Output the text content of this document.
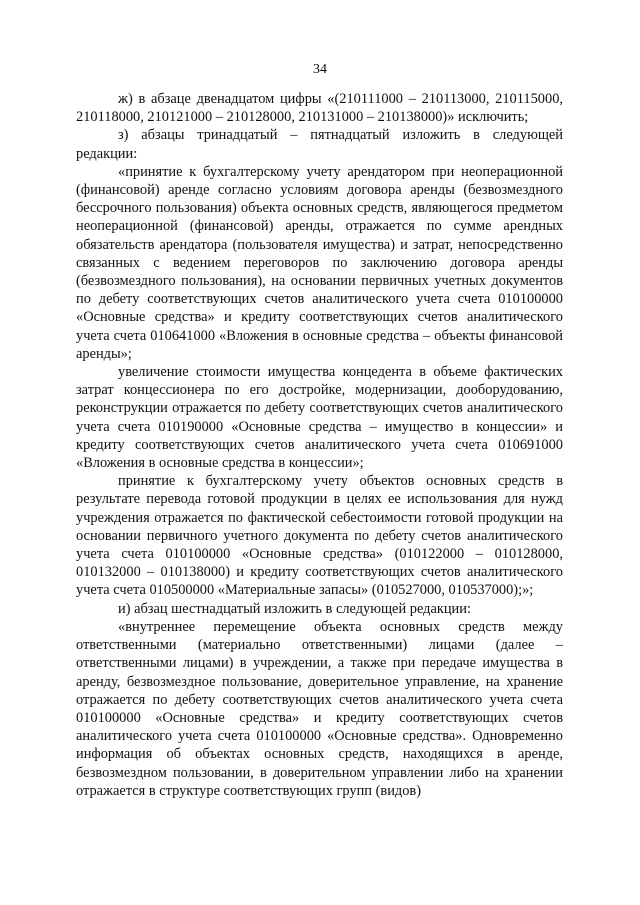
34

ж) в абзаце двенадцатом цифры «(210111000 – 210113000, 210115000, 210118000, 210121000 – 210128000, 210131000 – 210138000)» исключить;

з) абзацы тринадцатый – пятнадцатый изложить в следующей редакции:

«принятие к бухгалтерскому учету арендатором при неоперационной (финансовой) аренде согласно условиям договора аренды (безвозмездного бессрочного пользования) объекта основных средств, являющегося предметом неоперационной (финансовой) аренды, отражается по сумме арендных обязательств арендатора (пользователя имущества) и затрат, непосредственно связанных с ведением переговоров по заключению договора аренды (безвозмездного пользования), на основании первичных учетных документов по дебету соответствующих счетов аналитического учета счета 010100000 «Основные средства» и кредиту соответствующих счетов аналитического учета счета 010641000 «Вложения в основные средства – объекты финансовой аренды»;

увеличение стоимости имущества концедента в объеме фактических затрат концессионера по его достройке, модернизации, дооборудованию, реконструкции отражается по дебету соответствующих счетов аналитического учета счета 010190000 «Основные средства – имущество в концессии» и кредиту соответствующих счетов аналитического учета счета 010691000 «Вложения в основные средства в концессии»;

принятие к бухгалтерскому учету объектов основных средств в результате перевода готовой продукции в целях ее использования для нужд учреждения отражается по фактической себестоимости готовой продукции на основании первичного учетного документа по дебету счетов аналитического учета счета 010100000 «Основные средства» (010122000 – 010128000, 010132000 – 010138000) и кредиту соответствующих счетов аналитического учета счета 010500000 «Материальные запасы» (010527000, 010537000);»;

и) абзац шестнадцатый изложить в следующей редакции:

«внутреннее перемещение объекта основных средств между ответственными (материально ответственными) лицами (далее – ответственными лицами) в учреждении, а также при передаче имущества в аренду, безвозмездное пользование, доверительное управление, на хранение отражается по дебету соответствующих счетов аналитического учета счета 010100000 «Основные средства» и кредиту соответствующих счетов аналитического учета счета 010100000 «Основные средства». Одновременно информация об объектах основных средств, находящихся в аренде, безвозмездном пользовании, в доверительном управлении либо на хранении отражается в структуре соответствующих групп (видов)
